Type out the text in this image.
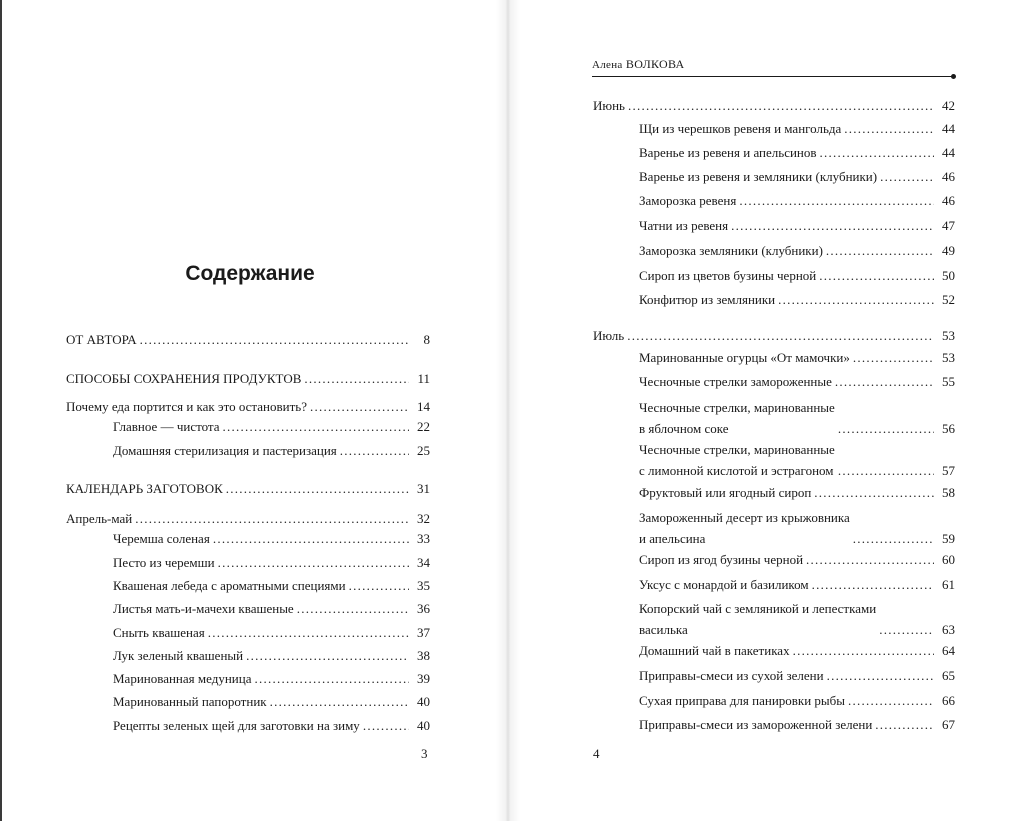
Содержание
ОТ АВТОРА . . .	8
СПОСОБЫ СОХРАНЕНИЯ ПРОДУКТОВ . . .	11
Почему еда портится и как это остановить? . . .	14
Главное — чистота . . .	22
Домашняя стерилизация и пастеризация . . .	25
КАЛЕНДАРЬ ЗАГОТОВОК . . .	31
Апрель-май . . .	32
Черемша соленая . . .	33
Песто из черемши . . .	34
Квашеная лебеда с ароматными специями . . .	35
Листья мать-и-мачехи квашеные . . .	36
Сныть квашеная . . .	37
Лук зеленый квашеный . . .	38
Маринованная медуница . . .	39
Маринованный папоротник . . .	40
Рецепты зеленых щей для заготовки на зиму . . .	40
3
Алена ВОЛКОВА
Июнь . . .	42
Щи из черешков ревеня и мангольда . . .	44
Варенье из ревеня и апельсинов . . .	44
Варенье из ревеня и земляники (клубники) . . .	46
Заморозка ревеня . . .	46
Чатни из ревеня . . .	47
Заморозка земляники (клубники) . . .	49
Сироп из цветов бузины черной . . .	50
Конфитюр из земляники . . .	52
Июль . . .	53
Маринованные огурцы «От мамочки» . . .	53
Чесночные стрелки замороженные . . .	55
Чесночные стрелки, маринованные
в яблочном соке . . .	56
Чесночные стрелки, маринованные
с лимонной кислотой и эстрагоном . . .	57
Фруктовый или ягодный сироп . . .	58
Замороженный десерт из крыжовника
и апельсина . . .	59
Сироп из ягод бузины черной . . .	60
Уксус с монардой и базиликом . . .	61
Копорский чай с земляникой и лепестками
василька . . .	63
Домашний чай в пакетиках . . .	64
Приправы-смеси из сухой зелени . . .	65
Сухая приправа для панировки рыбы . . .	66
Приправы-смеси из замороженной зелени . . .	67
4
